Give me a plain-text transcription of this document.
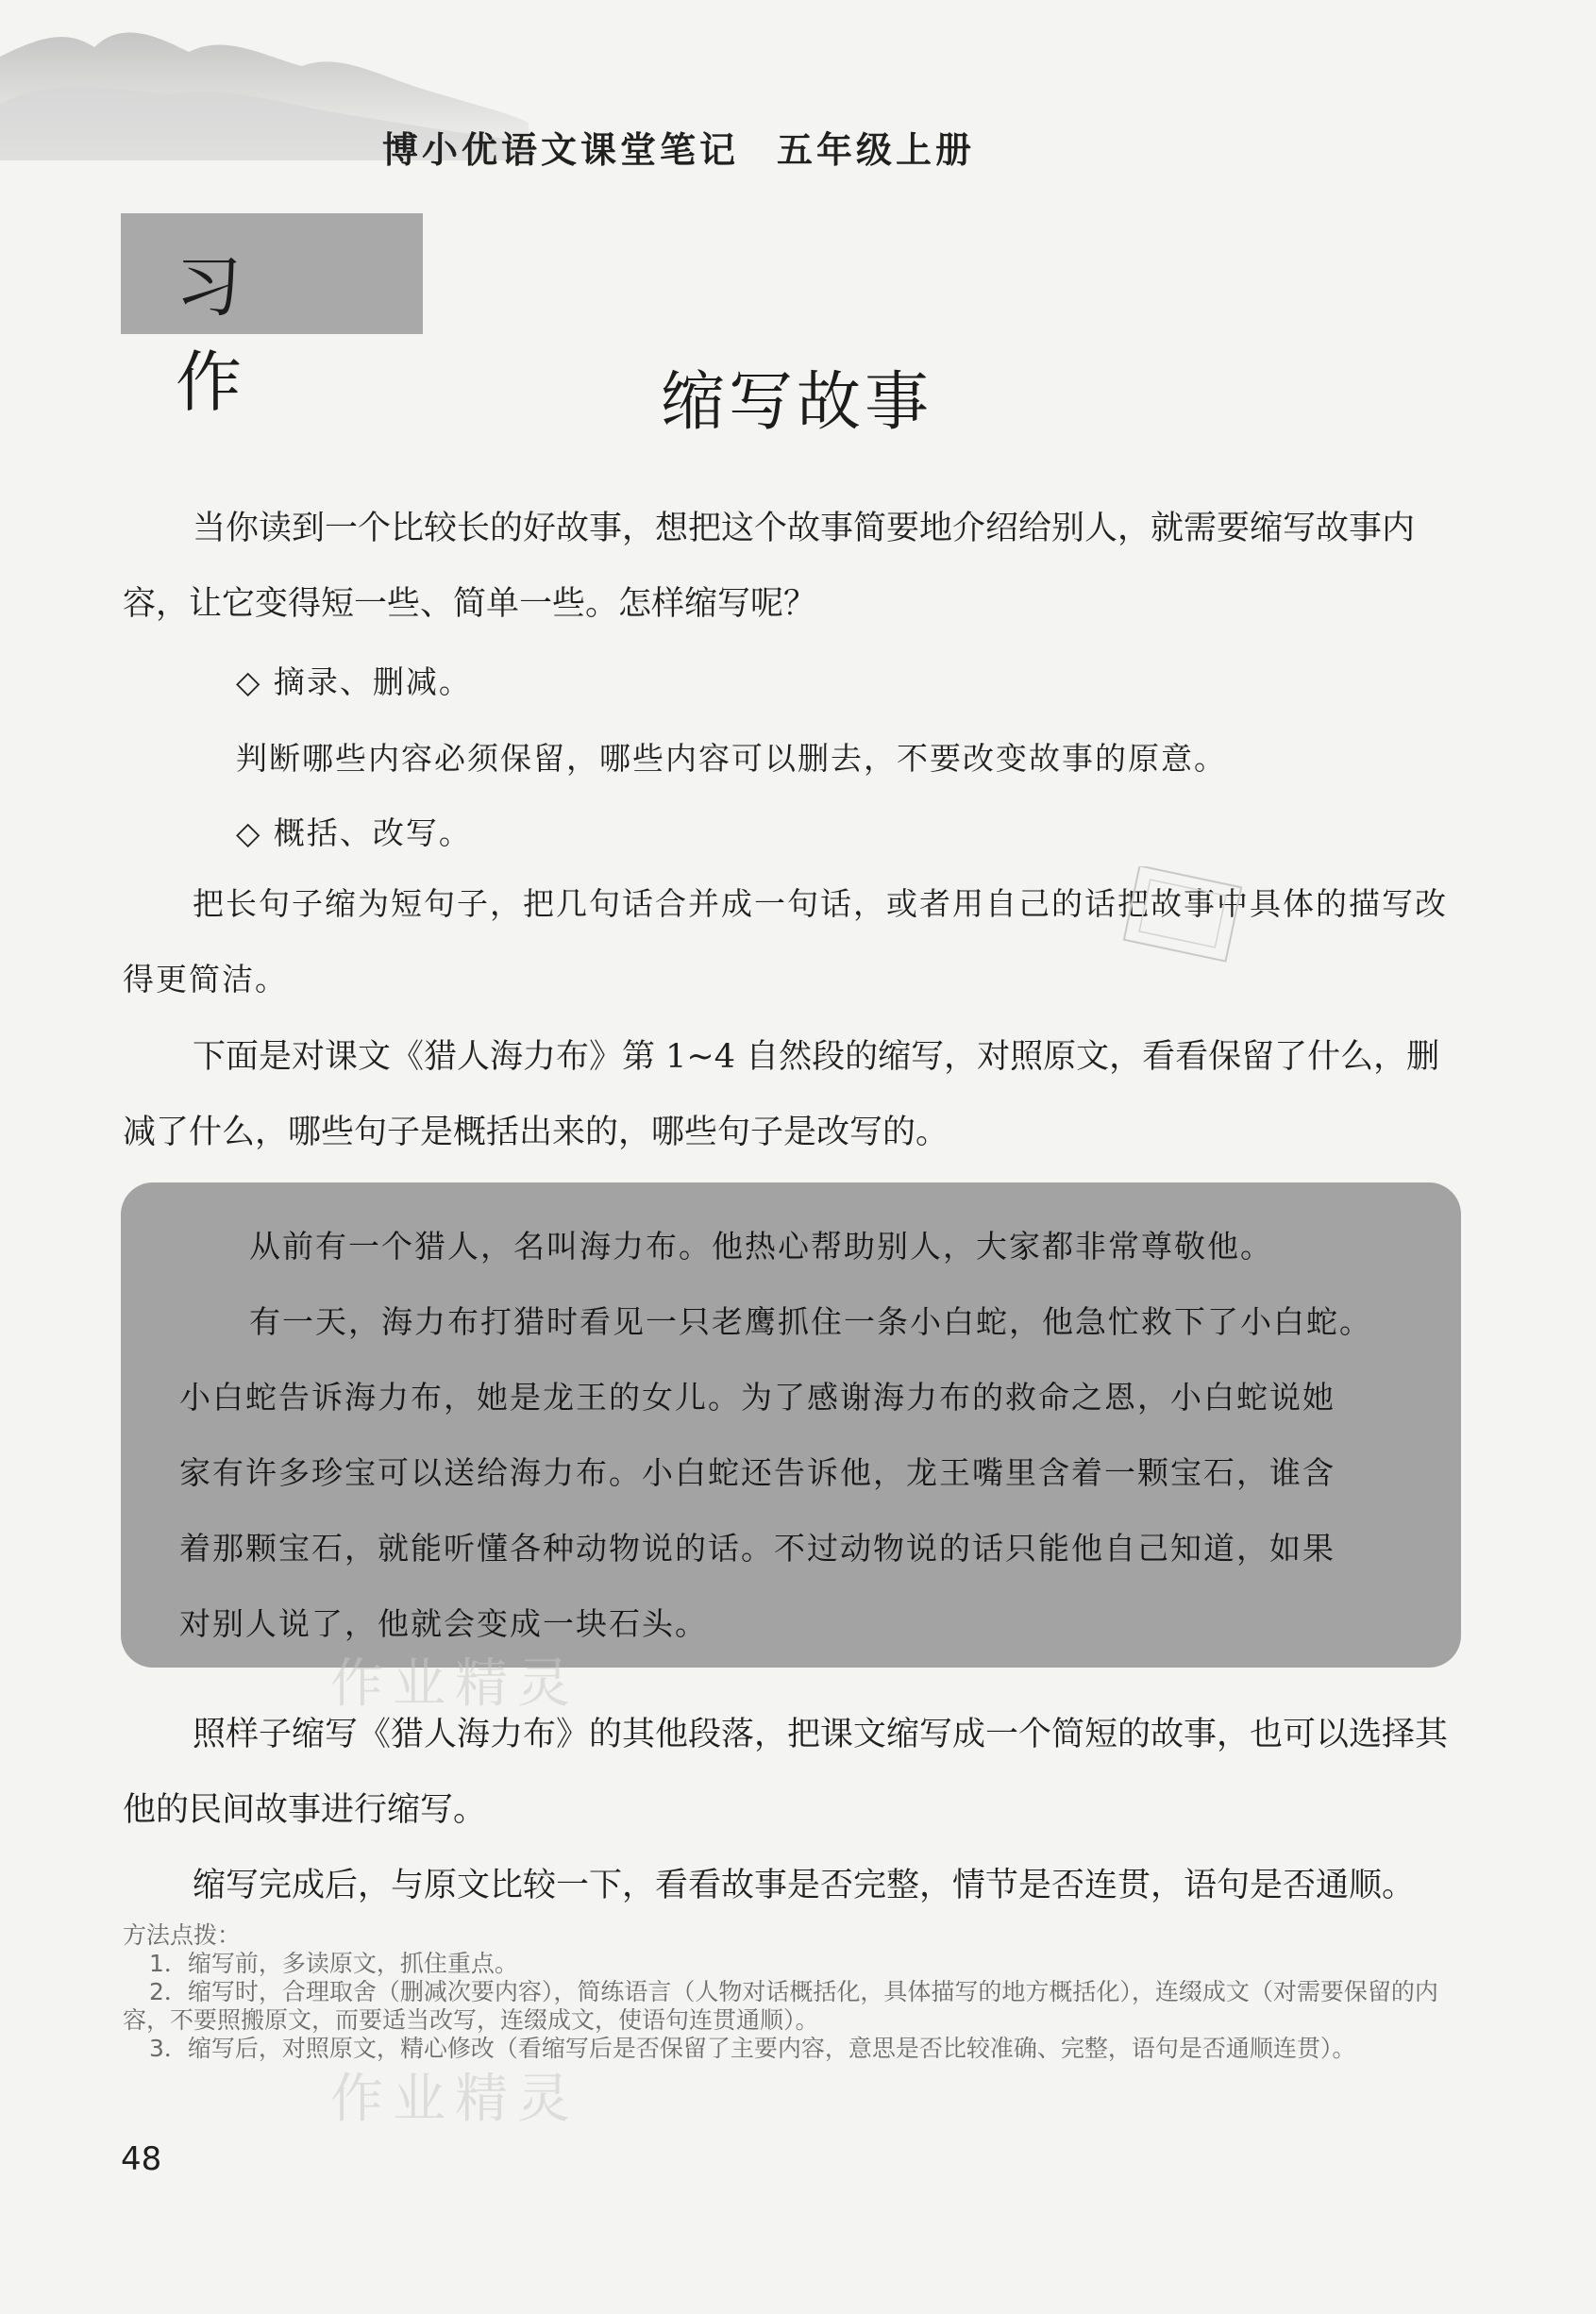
博小优语文课堂笔记 五年级上册
习 作	缩写故事

当你读到一个比较长的好故事，想把这个故事简要地介绍给别人，就需要缩写故事内容，让它变得短一些、简单一些。怎样缩写呢？

◇ 摘录、删减。
判断哪些内容必须保留，哪些内容可以删去，不要改变故事的原意。
◇ 概括、改写。

把长句子缩为短句子，把几句话合并成一句话，或者用自己的话把故事中具体的描写改得更简洁。

下面是对课文《猎人海力布》第 1~4 自然段的缩写，对照原文，看看保留了什么，删减了什么，哪些句子是概括出来的，哪些句子是改写的。

从前有一个猎人，名叫海力布。他热心帮助别人，大家都非常尊敬他。

有一天，海力布打猎时看见一只老鹰抓住一条小白蛇，他急忙救下了小白蛇。

小白蛇告诉海力布，她是龙王的女儿。为了感谢海力布的救命之恩，小白蛇说她

家有许多珍宝可以送给海力布。小白蛇还告诉他，龙王嘴里含着一颗宝石，谁含

着那颗宝石，就能听懂各种动物说的话。不过动物说的话只能他自己知道，如果

对别人说了，他就会变成一块石头。

作业精灵

照样子缩写《猎人海力布》的其他段落，把课文缩写成一个简短的故事，也可以选择其他的民间故事进行缩写。

缩写完成后，与原文比较一下，看看故事是否完整，情节是否连贯，语句是否通顺。

方法点拨：
1．缩写前，多读原文，抓住重点。
2．缩写时，合理取舍（删减次要内容），简练语言（人物对话概括化，具体描写的地方概括化），连缀成文（对需要保留的内容，不要照搬原文，而要适当改写，连缀成文，使语句连贯通顺）。
3．缩写后，对照原文，精心修改（看缩写后是否保留了主要内容，意思是否比较准确、完整，语句是否通顺连贯）。
作业精灵
48
